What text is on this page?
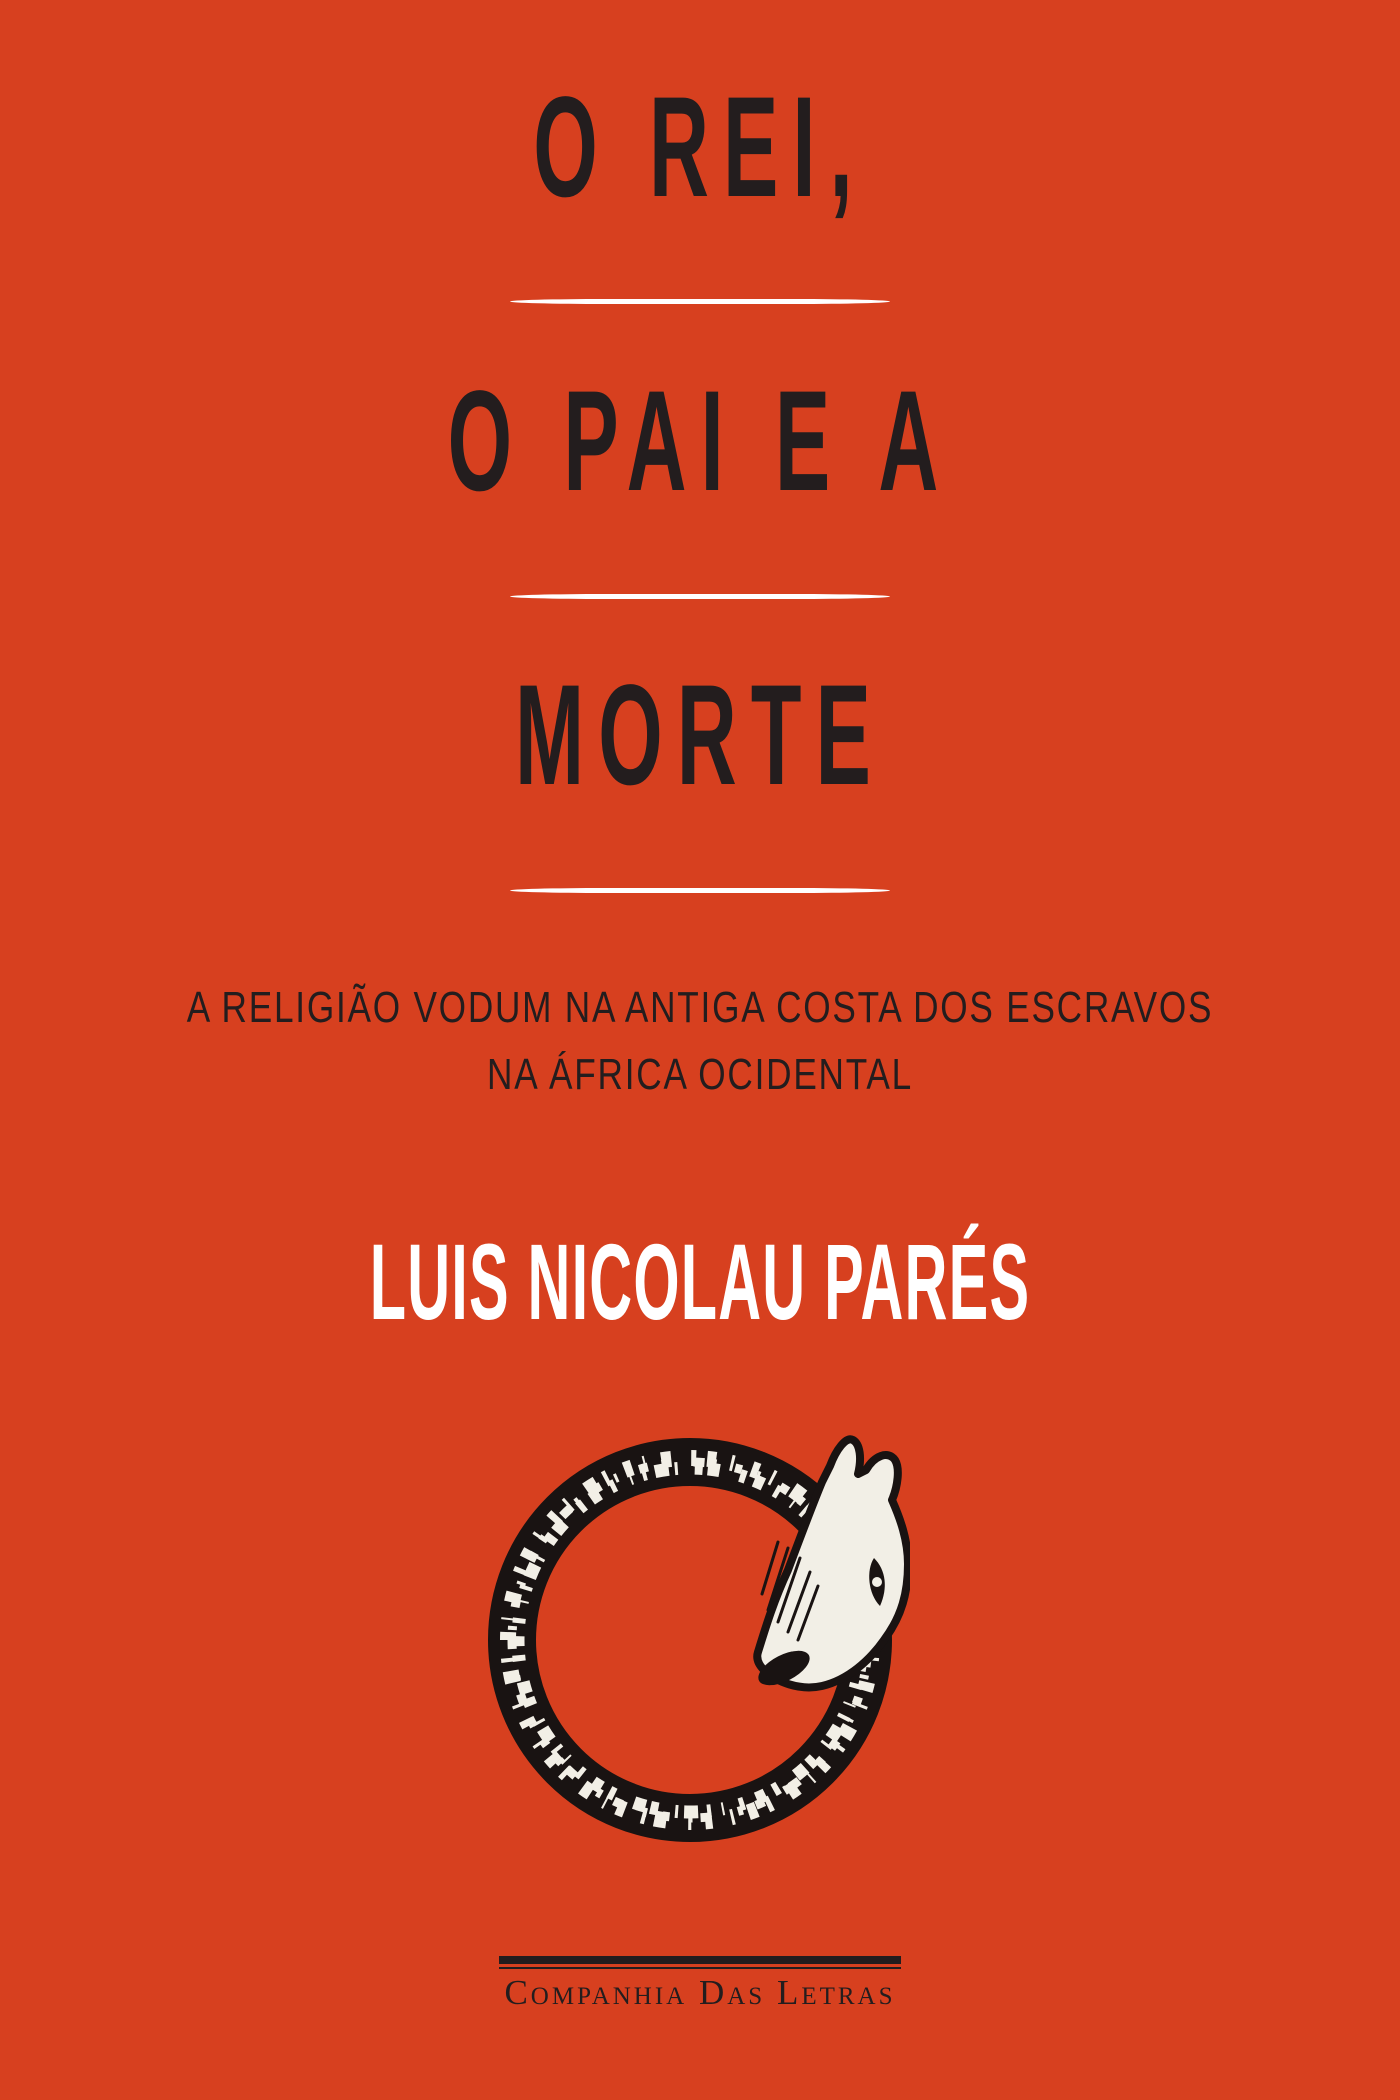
O REI,
O PAI E A
MORTE
A RELIGIÃO VODUM NA ANTIGA COSTA DOS ESCRAVOS
NA ÁFRICA OCIDENTAL
LUIS NICOLAU PARÉS
Companhia Das Letras
